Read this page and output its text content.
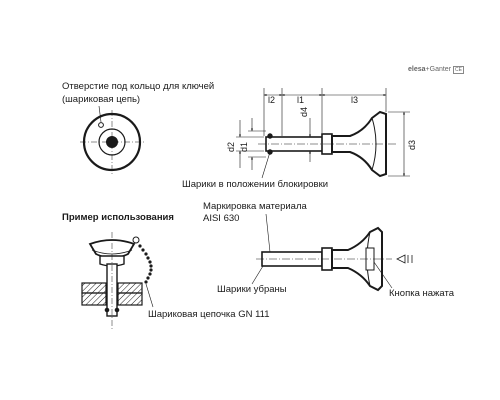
elesa+Ganter CE
Отверстие под кольцо для ключей
(шариковая цепь)
Шарики в положении блокировки
Пример использования
Маркировка материала
AISI 630
Шарики убраны	Кнопка нажата
Шариковая цепочка GN 111
l2 l1	l3
d4
d2 d1	d3
